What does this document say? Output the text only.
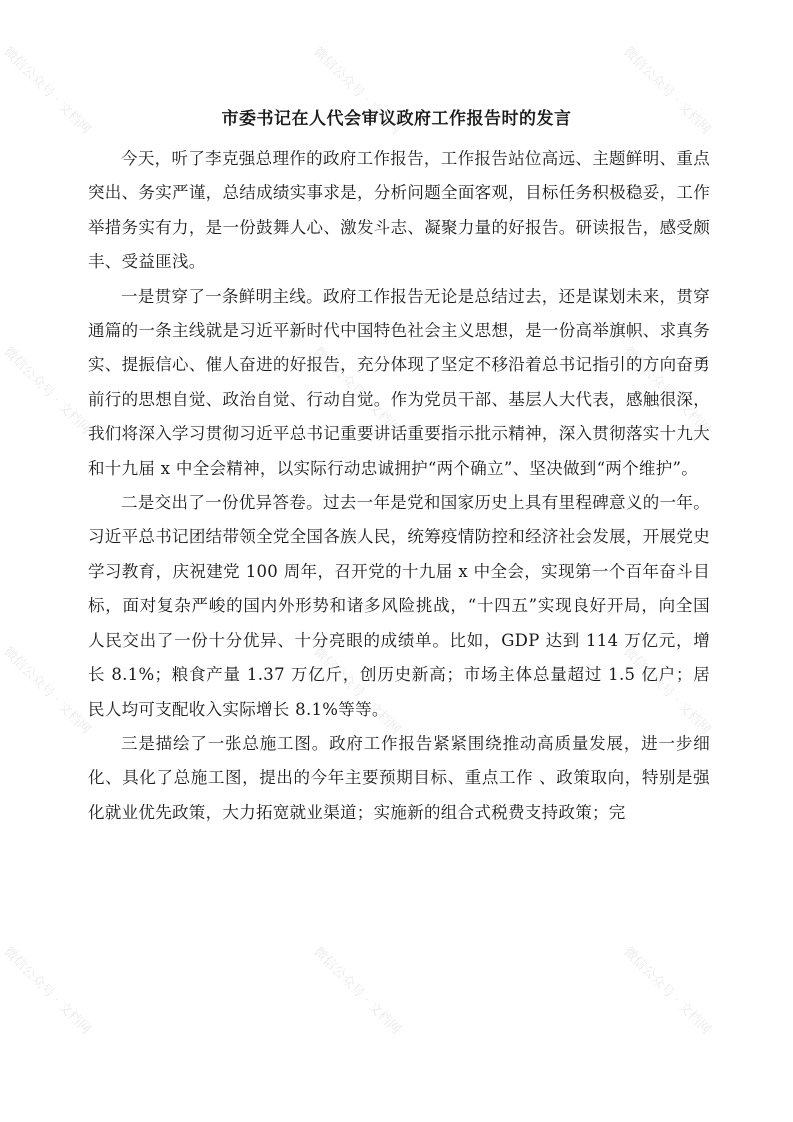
市委书记在人代会审议政府工作报告时的发言

今天，听了李克强总理作的政府工作报告，工作报告站位高远、主题鲜明、重点突出、务实严谨，总结成绩实事求是，分析问题全面客观，目标任务积极稳妥，工作举措务实有力，是一份鼓舞人心、激发斗志、凝聚力量的好报告。研读报告，感受颇丰、受益匪浅。

一是贯穿了一条鲜明主线。政府工作报告无论是总结过去，还是谋划未来，贯穿通篇的一条主线就是习近平新时代中国特色社会主义思想，是一份高举旗帜、求真务实、提振信心、催人奋进的好报告，充分体现了坚定不移沿着总书记指引的方向奋勇前行的思想自觉、政治自觉、行动自觉。作为党员干部、基层人大代表，感触很深，我们将深入学习贯彻习近平总书记重要讲话重要指示批示精神，深入贯彻落实十九大和十九届 x 中全会精神，以实际行动忠诚拥护“两个确立”、坚决做到“两个维护”。

二是交出了一份优异答卷。过去一年是党和国家历史上具有里程碑意义的一年。习近平总书记团结带领全党全国各族人民，统筹疫情防控和经济社会发展，开展党史学习教育，庆祝建党 100 周年，召开党的十九届 x 中全会，实现第一个百年奋斗目标，面对复杂严峻的国内外形势和诸多风险挑战，“十四五”实现良好开局，向全国人民交出了一份十分优异、十分亮眼的成绩单。比如，GDP 达到 114 万亿元，增长 8.1%；粮食产量 1.37 万亿斤，创历史新高；市场主体总量超过 1.5 亿户；居民人均可支配收入实际增长 8.1%等等。

三是描绘了一张总施工图。政府工作报告紧紧围绕推动高质量发展，进一步细化、具化了总施工图，提出的今年主要预期目标、重点工作 、政策取向，特别是强化就业优先政策，大力拓宽就业渠道；实施新的组合式税费支持政策；完

微信公众号 · 文档网	微信公众号 · 文档网	微信公众号 · 文档网
微信公众号 · 文档网	微信公众号 · 文档网	微信公众号 · 文档网
微信公众号 · 文档网	微信公众号 · 文档网	微信公众号 · 文档网
微信公众号 · 文档网	微信公众号 · 文档网	微信公众号 · 文档网
